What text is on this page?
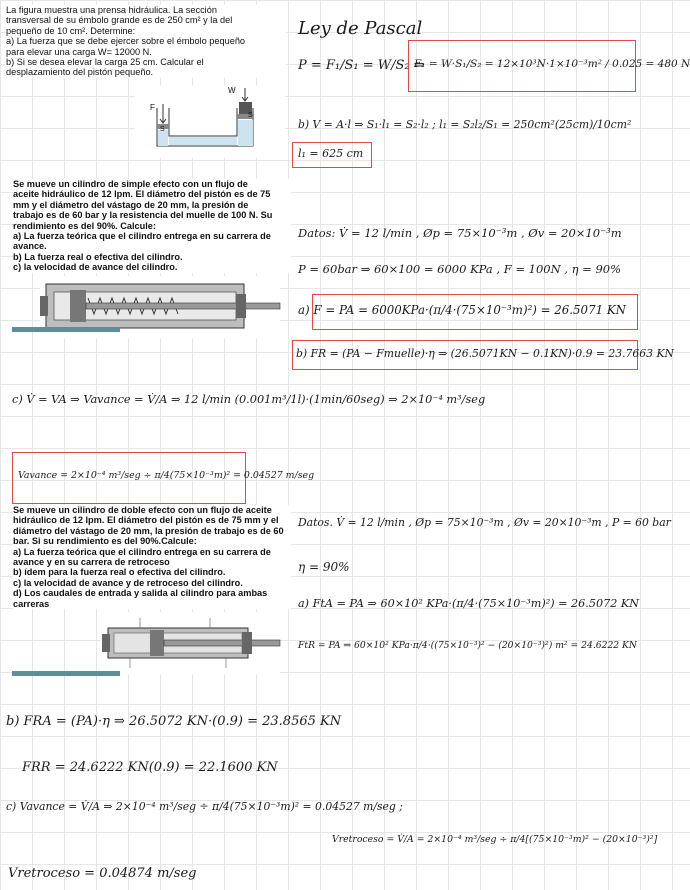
La figura muestra una prensa hidráulica. La sección

transversal de su émbolo grande es de 250 cm² y la del

pequeño de 10 cm². Determine:

a) La fuerza que se debe ejercer sobre el émbolo pequeño

para elevar una carga W= 12000 N.

b) Si se desea elevar la carga 25 cm. Calcular el

desplazamiento del pistón pequeño.

W
F
S
S
Ley de Pascal
P = F₁/S₁ = W/S₂ ⇒
F₁ = W·S₁/S₂ = 12×10³N·1×10⁻³m² / 0.025 = 480 N
b) V = A·l ⇒ S₁·l₁ = S₂·l₂ ; l₁ = S₂l₂/S₁ = 250cm²(25cm)/10cm²
l₁ = 625 cm

Se mueve un cilindro de simple efecto con un flujo de

aceite hidráulico de 12 lpm. El diámetro del pistón es de 75

mm y el diámetro del vástago de 20 mm, la presión de

trabajo es de 60 bar y la resistencia del muelle de 100 N. Su

rendimiento es del 90%. Calcule:

a) La fuerza teórica que el cilindro entrega en su carrera de

avance.

b) La fuerza real o efectiva del cilindro.

c) la velocidad de avance del cilindro.

Datos: V̇ = 12 l/min , Øp = 75×10⁻³m , Øv = 20×10⁻³m
P = 60bar ⇒ 60×100 = 6000 KPa , F = 100N , η = 90%
a) F = PA = 6000KPa·(π/4·(75×10⁻³m)²) = 26.5071 KN
b) FR = (PA − Fmuelle)·η ⇒ (26.5071KN − 0.1KN)·0.9 = 23.7663 KN
c) V̇ = VA ⇒ Vavance = V̇/A ⇒ 12 l/min (0.001m³/1l)·(1min/60seg) ⇒ 2×10⁻⁴ m³/seg
Vavance = 2×10⁻⁴ m³/seg ÷ π/4(75×10⁻³m)² = 0.04527 m/seg

Se mueve un cilindro de doble efecto con un flujo de aceite

hidráulico de 12 lpm. El diámetro del pistón es de 75 mm y el

diámetro del vástago de 20 mm, la presión de trabajo es de 60

bar. Si su rendimiento es del 90%.Calcule:

a) La fuerza teórica que el cilindro entrega en su carrera de

avance y en su carrera de retroceso

b) ídem para la fuerza real o efectiva del cilindro.

c) la velocidad de avance y de retroceso del cilindro.

d) Los caudales de entrada y salida al cilindro para ambas

carreras

Datos. V̇ = 12 l/min , Øp = 75×10⁻³m , Øv = 20×10⁻³m , P = 60 bar
η = 90%
a) FtA = PA ⇒ 60×10² KPa·(π/4·(75×10⁻³m)²) = 26.5072 KN
FtR = PA ⇒ 60×10² KPa·π/4·((75×10⁻³)² − (20×10⁻³)²) m² = 24.6222 KN
b) FRA = (PA)·η ⇒ 26.5072 KN·(0.9) = 23.8565 KN
FRR = 24.6222 KN(0.9) = 22.1600 KN
c) Vavance = V̇/A ⇒ 2×10⁻⁴ m³/seg ÷ π/4(75×10⁻³m)² = 0.04527 m/seg ;
Vretroceso = V̇/A = 2×10⁻⁴ m³/seg ÷ π/4[(75×10⁻³m)² − (20×10⁻³)²]
Vretroceso = 0.04874 m/seg
